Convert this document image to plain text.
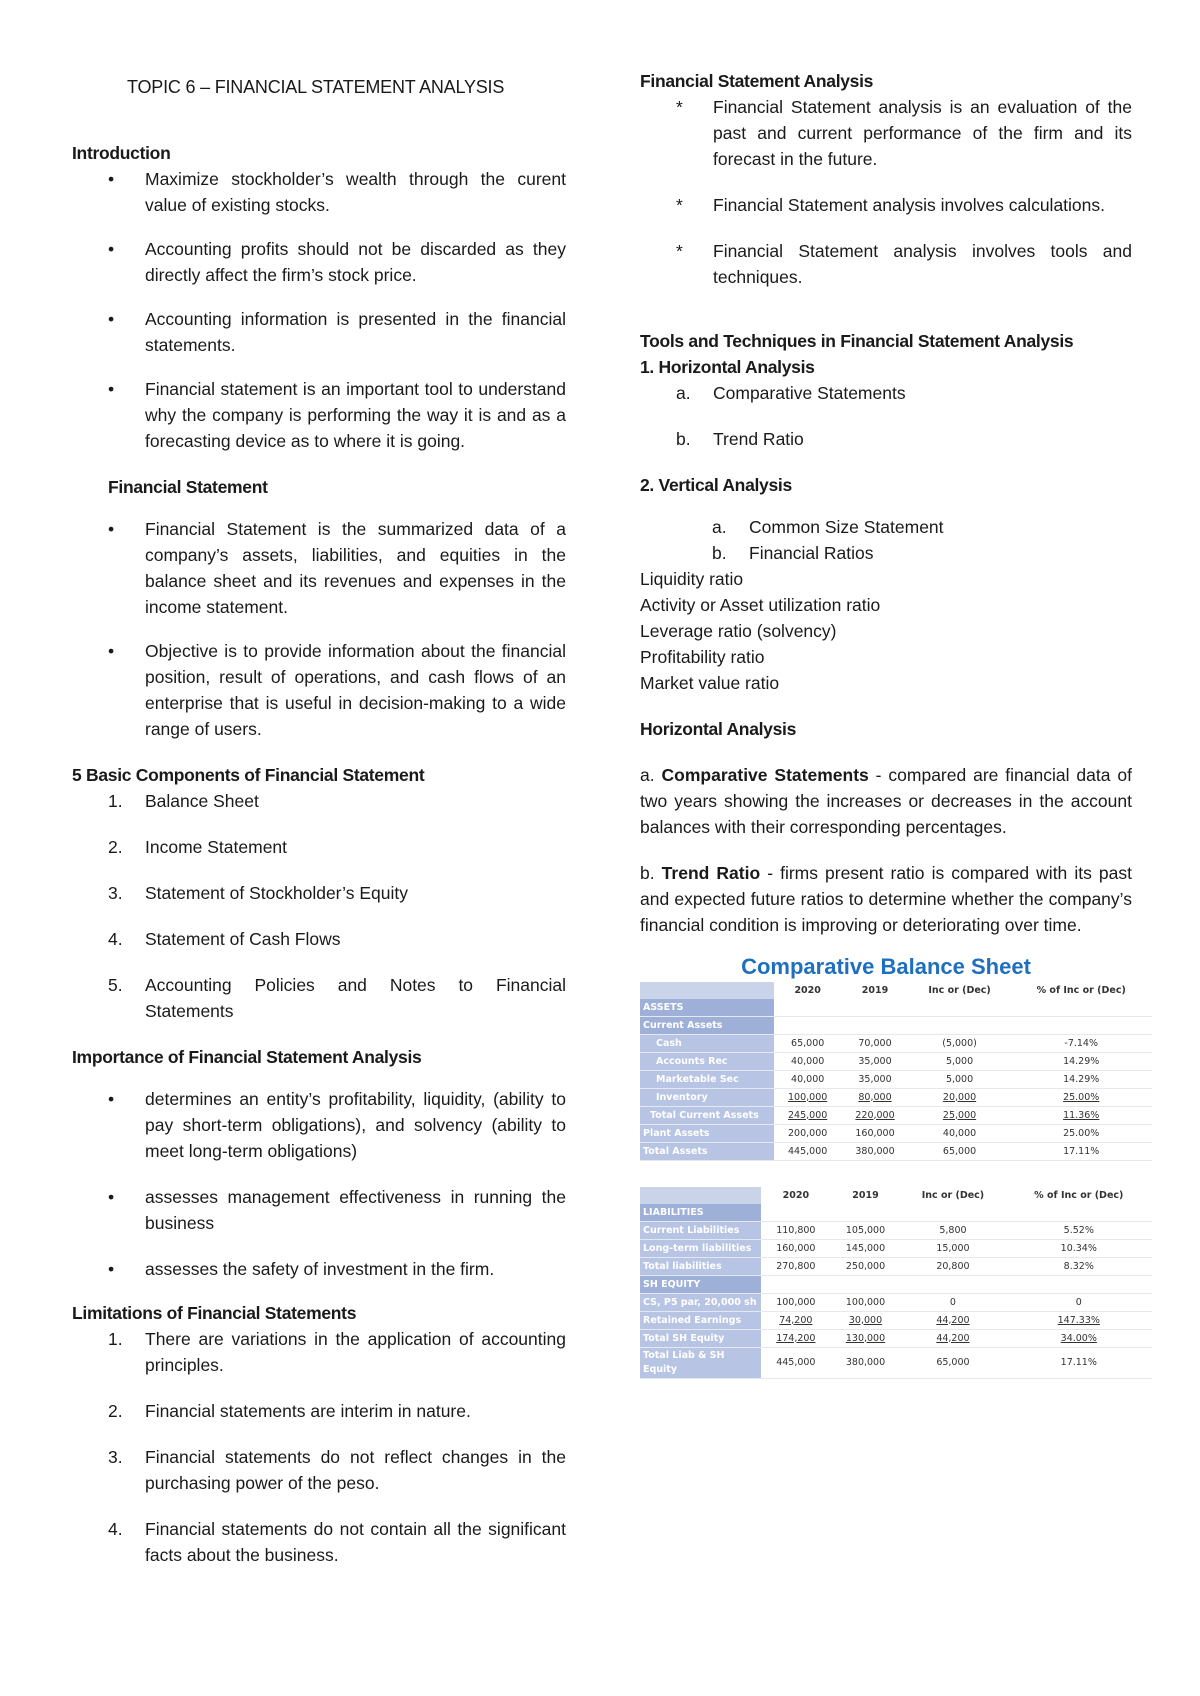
TOPIC 6 – FINANCIAL STATEMENT ANALYSIS

Introduction

• Maximize stockholder’s wealth through the curent value of existing stocks.
• Accounting profits should not be discarded as they directly affect the firm’s stock price.
• Accounting information is presented in the financial statements.
• Financial statement is an important tool to understand why the company is performing the way it is and as a forecasting device as to where it is going.

Financial Statement

• Financial Statement is the summarized data of a company’s assets, liabilities, and equities in the balance sheet and its revenues and expenses in the income statement.
• Objective is to provide information about the financial position, result of operations, and cash flows of an enterprise that is useful in decision-making to a wide range of users.

5 Basic Components of Financial Statement

1. Balance Sheet
2. Income Statement
3. Statement of Stockholder’s Equity
4. Statement of Cash Flows
5. Accounting Policies and Notes to Financial Statements

Importance of Financial Statement Analysis

• determines an entity’s profitability, liquidity, (ability to pay short-term obligations), and solvency (ability to meet long-term obligations)
• assesses management effectiveness in running the business
• assesses the safety of investment in the firm.

Limitations of Financial Statements

1. There are variations in the application of accounting principles.
2. Financial statements are interim in nature.
3. Financial statements do not reflect changes in the purchasing power of the peso.
4. Financial statements do not contain all the significant facts about the business.

Financial Statement Analysis

* Financial Statement analysis is an evaluation of the past and current performance of the firm and its forecast in the future.
* Financial Statement analysis involves calculations.
* Financial Statement analysis involves tools and techniques.

Tools and Techniques in Financial Statement Analysis

1. Horizontal Analysis

a. Comparative Statements
b. Trend Ratio

2. Vertical Analysis

a. Common Size Statement
b. Financial Ratios
Liquidity ratio
Activity or Asset utilization ratio
Leverage ratio (solvency)
Profitability ratio
Market value ratio

Horizontal Analysis

a. Comparative Statements - compared are financial data of two years showing the increases or decreases in the account balances with their corresponding percentages.

b. Trend Ratio - firms present ratio is compared with its past and expected future ratios to determine whether the company’s financial condition is improving or deteriorating over time.

Comparative Balance Sheet

	2020	2019	Inc or (Dec)	% of Inc or (Dec)
ASSETS				
Current Assets				
Cash	65,000	70,000	(5,000)	-7.14%
Accounts Rec	40,000	35,000	5,000	14.29%
Marketable Sec	40,000	35,000	5,000	14.29%
Inventory	100,000	80,000	20,000	25.00%
Total Current Assets	245,000	220,000	25,000	11.36%
Plant Assets	200,000	160,000	40,000	25.00%
Total Assets	445,000	380,000	65,000	17.11%
	2020	2019	Inc or (Dec)	% of Inc or (Dec)
LIABILITIES				
Current Liabilities	110,800	105,000	5,800	5.52%
Long-term liabilities	160,000	145,000	15,000	10.34%
Total liabilities	270,800	250,000	20,800	8.32%
SH EQUITY				
CS, P5 par, 20,000 sh	100,000	100,000	0	0
Retained Earnings	74,200	30,000	44,200	147.33%
Total SH Equity	174,200	130,000	44,200	34.00%
Total Liab & SH Equity	445,000	380,000	65,000	17.11%
